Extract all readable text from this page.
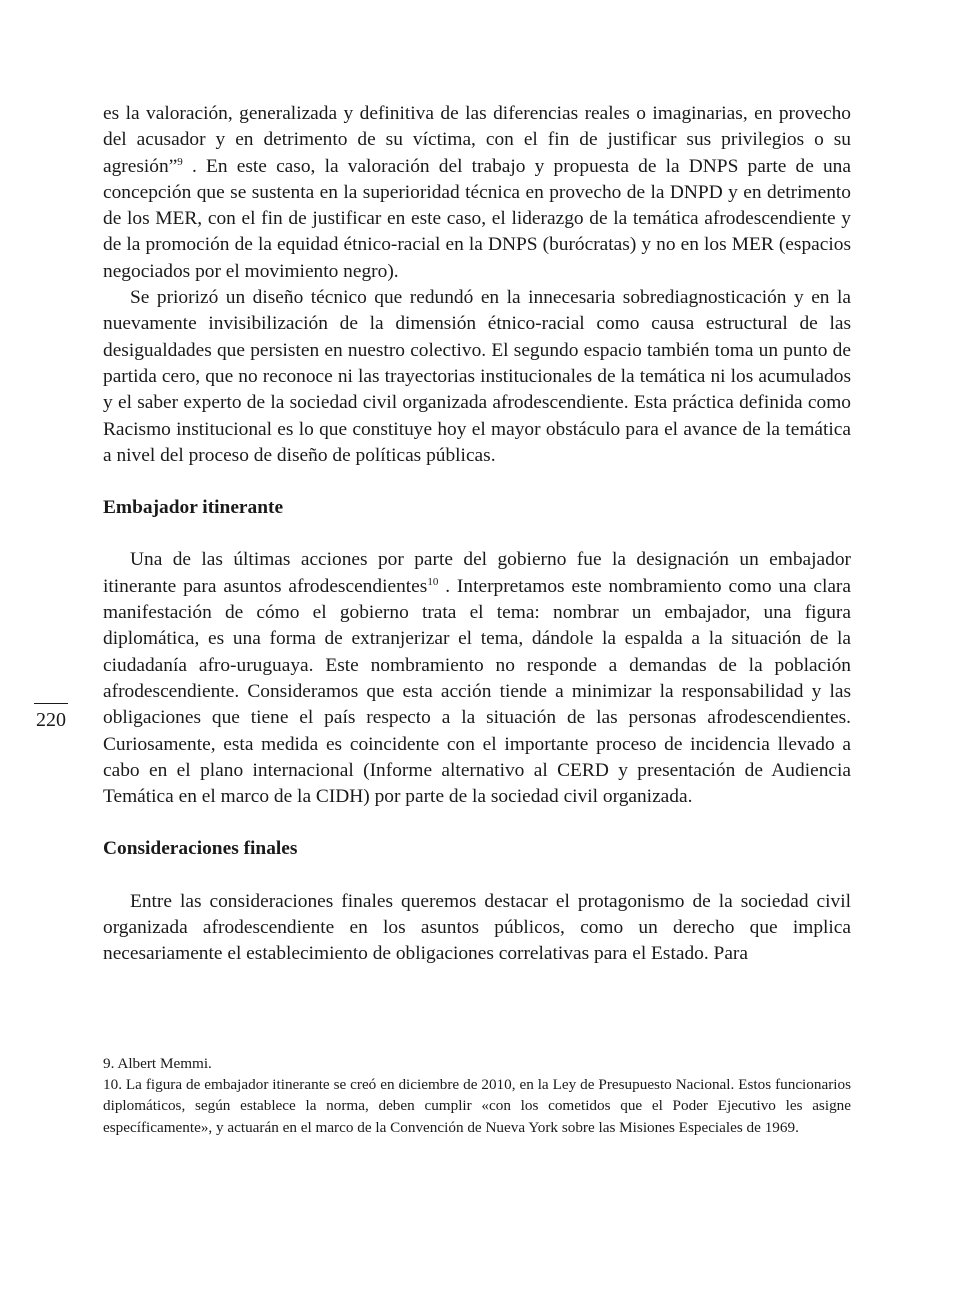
es la valoración, generalizada y definitiva de las diferencias reales o imaginarias, en provecho del acusador y en detrimento de su víctima, con el fin de justificar sus privilegios o su agresión”$^9$ . En este caso, la valoración del trabajo y propuesta de la DNPS parte de una concepción que se sustenta en la superioridad técnica en provecho de la DNPD y en detrimento de los MER, con el fin de justificar en este caso, el liderazgo de la temática afrodescendiente y de la promoción de la equidad étnico-racial en la DNPS (burócratas) y no en los MER (espacios negociados por el movimiento negro).

Se priorizó un diseño técnico que redundó en la innecesaria sobrediagnosticación y en la nuevamente invisibilización de la dimensión étnico-racial como causa estructural de las desigualdades que persisten en nuestro colectivo. El segundo espacio también toma un punto de partida cero, que no reconoce ni las trayectorias institucionales de la temática ni los acumulados y el saber experto de la sociedad civil organizada afrodescendiente. Esta práctica definida como Racismo institucional es lo que constituye hoy el mayor obstáculo para el avance de la temática a nivel del proceso de diseño de políticas públicas.

Embajador itinerante

Una de las últimas acciones por parte del gobierno fue la designación un embajador itinerante para asuntos afrodescendientes$^{10}$ . Interpretamos este nombramiento como una clara manifestación de cómo el gobierno trata el tema: nombrar un embajador, una figura diplomática, es una forma de extranjerizar el tema, dándole la espalda a la situación de la ciudadanía afro-uruguaya. Este nombramiento no responde a demandas de la población afrodescendiente. Consideramos que esta acción tiende a minimizar la responsabilidad y las obligaciones que tiene el país respecto a la situación de las personas afrodescendientes. Curiosamente, esta medida es coincidente con el importante proceso de incidencia llevado a cabo en el plano internacional (Informe alternativo al CERD y presentación de Audiencia Temática en el marco de la CIDH) por parte de la sociedad civil organizada.

Consideraciones finales

Entre las consideraciones finales queremos destacar el protagonismo de la sociedad civil organizada afrodescendiente en los asuntos públicos, como un derecho que implica necesariamente el establecimiento de obligaciones correlativas para el Estado. Para

220

9. Albert Memmi.

10. La figura de embajador itinerante se creó en diciembre de 2010, en la Ley de Presupuesto Nacional. Estos funcionarios diplomáticos, según establece la norma, deben cumplir «con los cometidos que el Poder Ejecutivo les asigne específicamente», y actuarán en el marco de la Convención de Nueva York sobre las Misiones Especiales de 1969.
